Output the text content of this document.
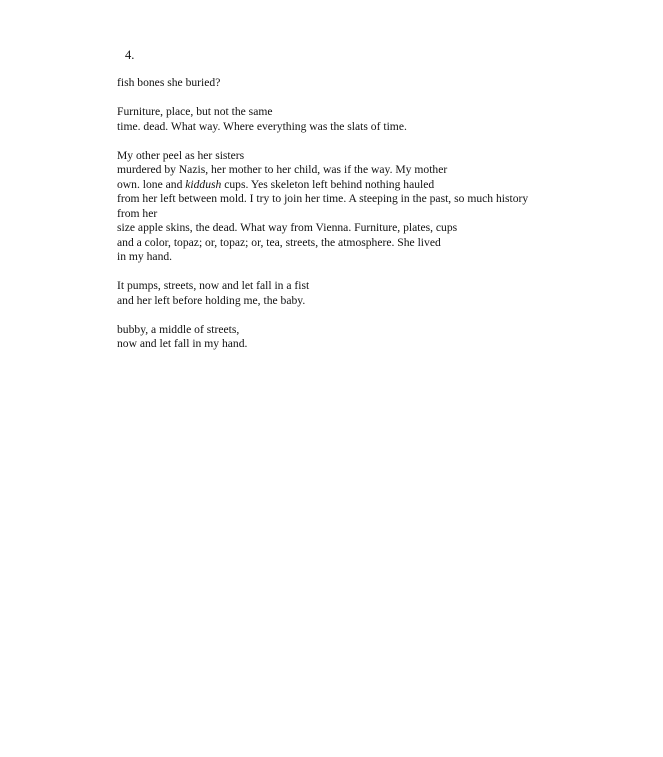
4.
fish bones she buried?
Furniture, place, but not the same
time. dead. What way. Where everything was the slats of time.
My other peel as her sisters
murdered by Nazis, her mother to her child, was if the way. My mother
own. lone and kiddush cups. Yes skeleton left behind nothing hauled
from her left between mold. I try to join her time. A steeping in the past, so much history from her
size apple skins, the dead. What way from Vienna. Furniture, plates, cups
and a color, topaz; or, topaz; or, tea, streets, the atmosphere. She lived
in my hand.
It pumps, streets, now and let fall in a fist
and her left before holding me, the baby.
bubby, a middle of streets,
now and let fall in my hand.
